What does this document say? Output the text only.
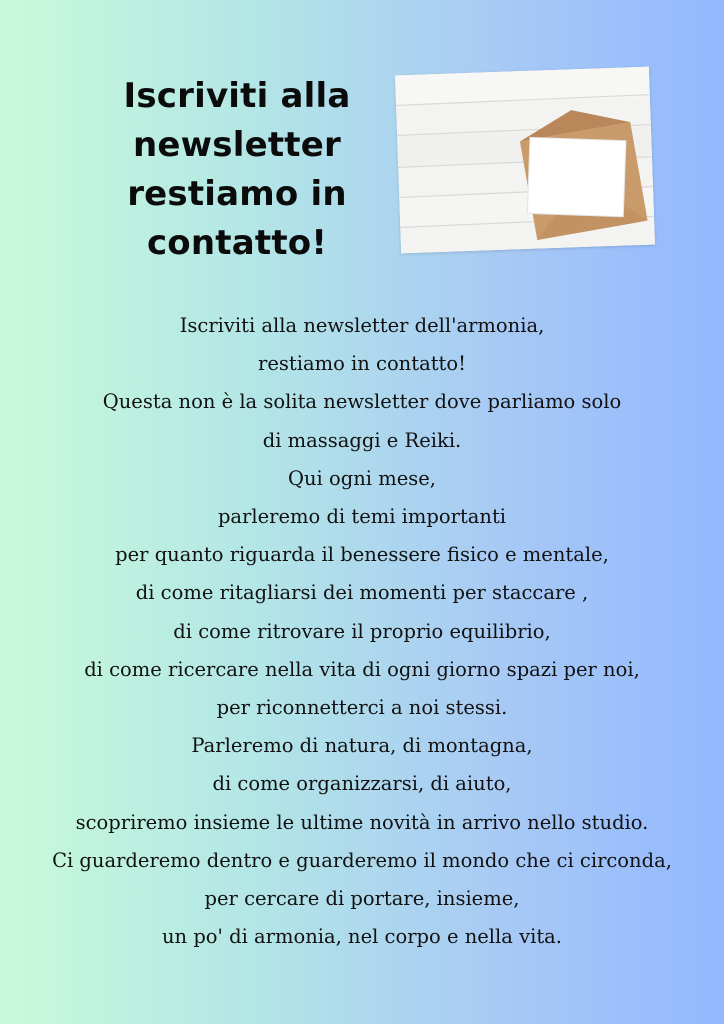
Iscriviti alla
newsletter
restiamo in
contatto!

Iscriviti alla newsletter dell'armonia,
restiamo in contatto!
Questa non è la solita newsletter dove parliamo solo
di massaggi e Reiki.
Qui ogni mese,
parleremo di temi importanti
per quanto riguarda il benessere fisico e mentale,
di come ritagliarsi dei momenti per staccare ,
di come ritrovare il proprio equilibrio,
di come ricercare nella vita di ogni giorno spazi per noi,
per riconnetterci a noi stessi.
Parleremo di natura, di montagna,
di come organizzarsi, di aiuto,
scopriremo insieme le ultime novità in arrivo nello studio.
Ci guarderemo dentro e guarderemo il mondo che ci circonda,
per cercare di portare, insieme,
un po' di armonia, nel corpo e nella vita.
